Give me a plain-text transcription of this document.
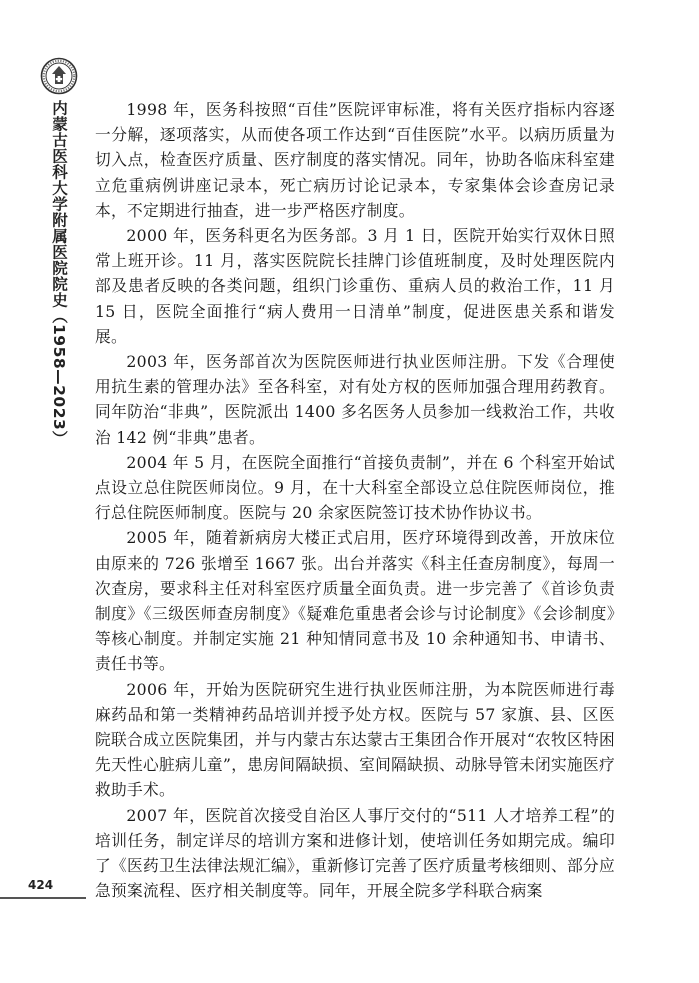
内蒙古医科大学附属医院院史（1958—2023）	1998 年，医务科按照“百佳”医院评审标准，将有关医疗指标内容逐一分解，逐项落实，从而使各项工作达到“百佳医院”水平。以病历质量为切入点，检查医疗质量、医疗制度的落实情况。同年，协助各临床科室建立危重病例讲座记录本，死亡病历讨论记录本，专家集体会诊查房记录本，不定期进行抽查，进一步严格医疗制度。

2000 年，医务科更名为医务部。3 月 1 日，医院开始实行双休日照常上班开诊。11 月，落实医院院长挂牌门诊值班制度，及时处理医院内部及患者反映的各类问题，组织门诊重伤、重病人员的救治工作，11 月 15 日，医院全面推行“病人费用一日清单”制度，促进医患关系和谐发展。

2003 年，医务部首次为医院医师进行执业医师注册。下发《合理使用抗生素的管理办法》至各科室，对有处方权的医师加强合理用药教育。同年防治“非典”，医院派出 1400 多名医务人员参加一线救治工作，共收治 142 例“非典”患者。

2004 年 5 月，在医院全面推行“首接负责制”，并在 6 个科室开始试点设立总住院医师岗位。9 月，在十大科室全部设立总住院医师岗位，推行总住院医师制度。医院与 20 余家医院签订技术协作协议书。

2005 年，随着新病房大楼正式启用，医疗环境得到改善，开放床位由原来的 726 张增至 1667 张。出台并落实《科主任查房制度》，每周一次查房，要求科主任对科室医疗质量全面负责。进一步完善了《首诊负责制度》《三级医师查房制度》《疑难危重患者会诊与讨论制度》《会诊制度》等核心制度。并制定实施 21 种知情同意书及 10 余种通知书、申请书、责任书等。

2006 年，开始为医院研究生进行执业医师注册，为本院医师进行毒麻药品和第一类精神药品培训并授予处方权。医院与 57 家旗、县、区医院联合成立医院集团，并与内蒙古东达蒙古王集团合作开展对“农牧区特困先天性心脏病儿童”，患房间隔缺损、室间隔缺损、动脉导管未闭实施医疗救助手术。

2007 年，医院首次接受自治区人事厅交付的“511 人才培养工程”的培训任务，制定详尽的培训方案和进修计划，使培训任务如期完成。编印了《医药卫生法律法规汇编》，重新修订完善了医疗质量考核细则、部分应急预案流程、医疗相关制度等。同年，开展全院多学科联合病案

424
